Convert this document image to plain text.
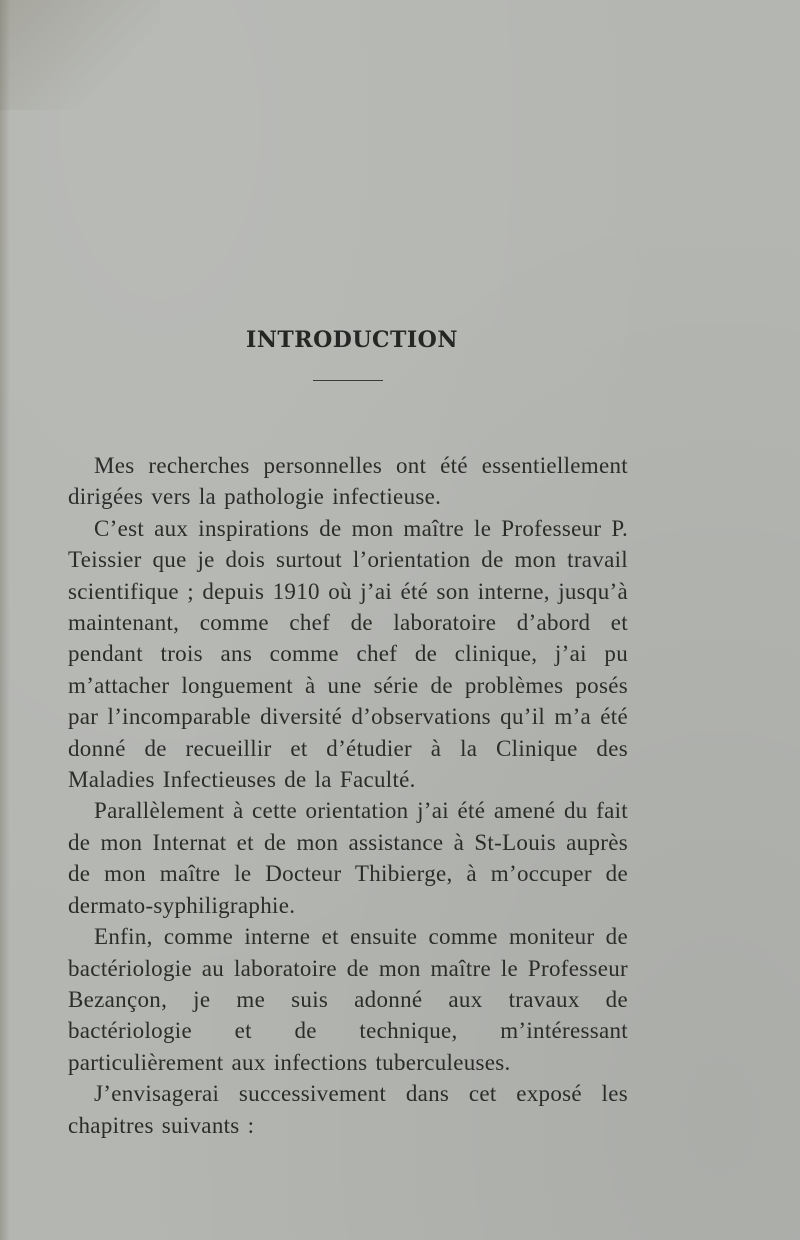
INTRODUCTION

Mes recherches personnelles ont été essentiellement dirigées vers la pathologie infectieuse.

C’est aux inspirations de mon maître le Professeur P. Teissier que je dois surtout l’orientation de mon travail scientifique ; depuis 1910 où j’ai été son interne, jusqu’à maintenant, comme chef de laboratoire d’abord et pendant trois ans comme chef de clinique, j’ai pu m’attacher longuement à une série de problèmes posés par l’incomparable diversité d’observations qu’il m’a été donné de recueillir et d’étudier à la Clinique des Maladies Infectieuses de la Faculté.

Parallèlement à cette orientation j’ai été amené du fait de mon Internat et de mon assistance à St-Louis auprès de mon maître le Docteur Thibierge, à m’occuper de dermato-syphiligraphie.

Enfin, comme interne et ensuite comme moniteur de bactériologie au laboratoire de mon maître le Professeur Bezançon, je me suis adonné aux travaux de bactériologie et de technique, m’intéressant particulièrement aux infections tuberculeuses.

J’envisagerai successivement dans cet exposé les chapitres suivants :
